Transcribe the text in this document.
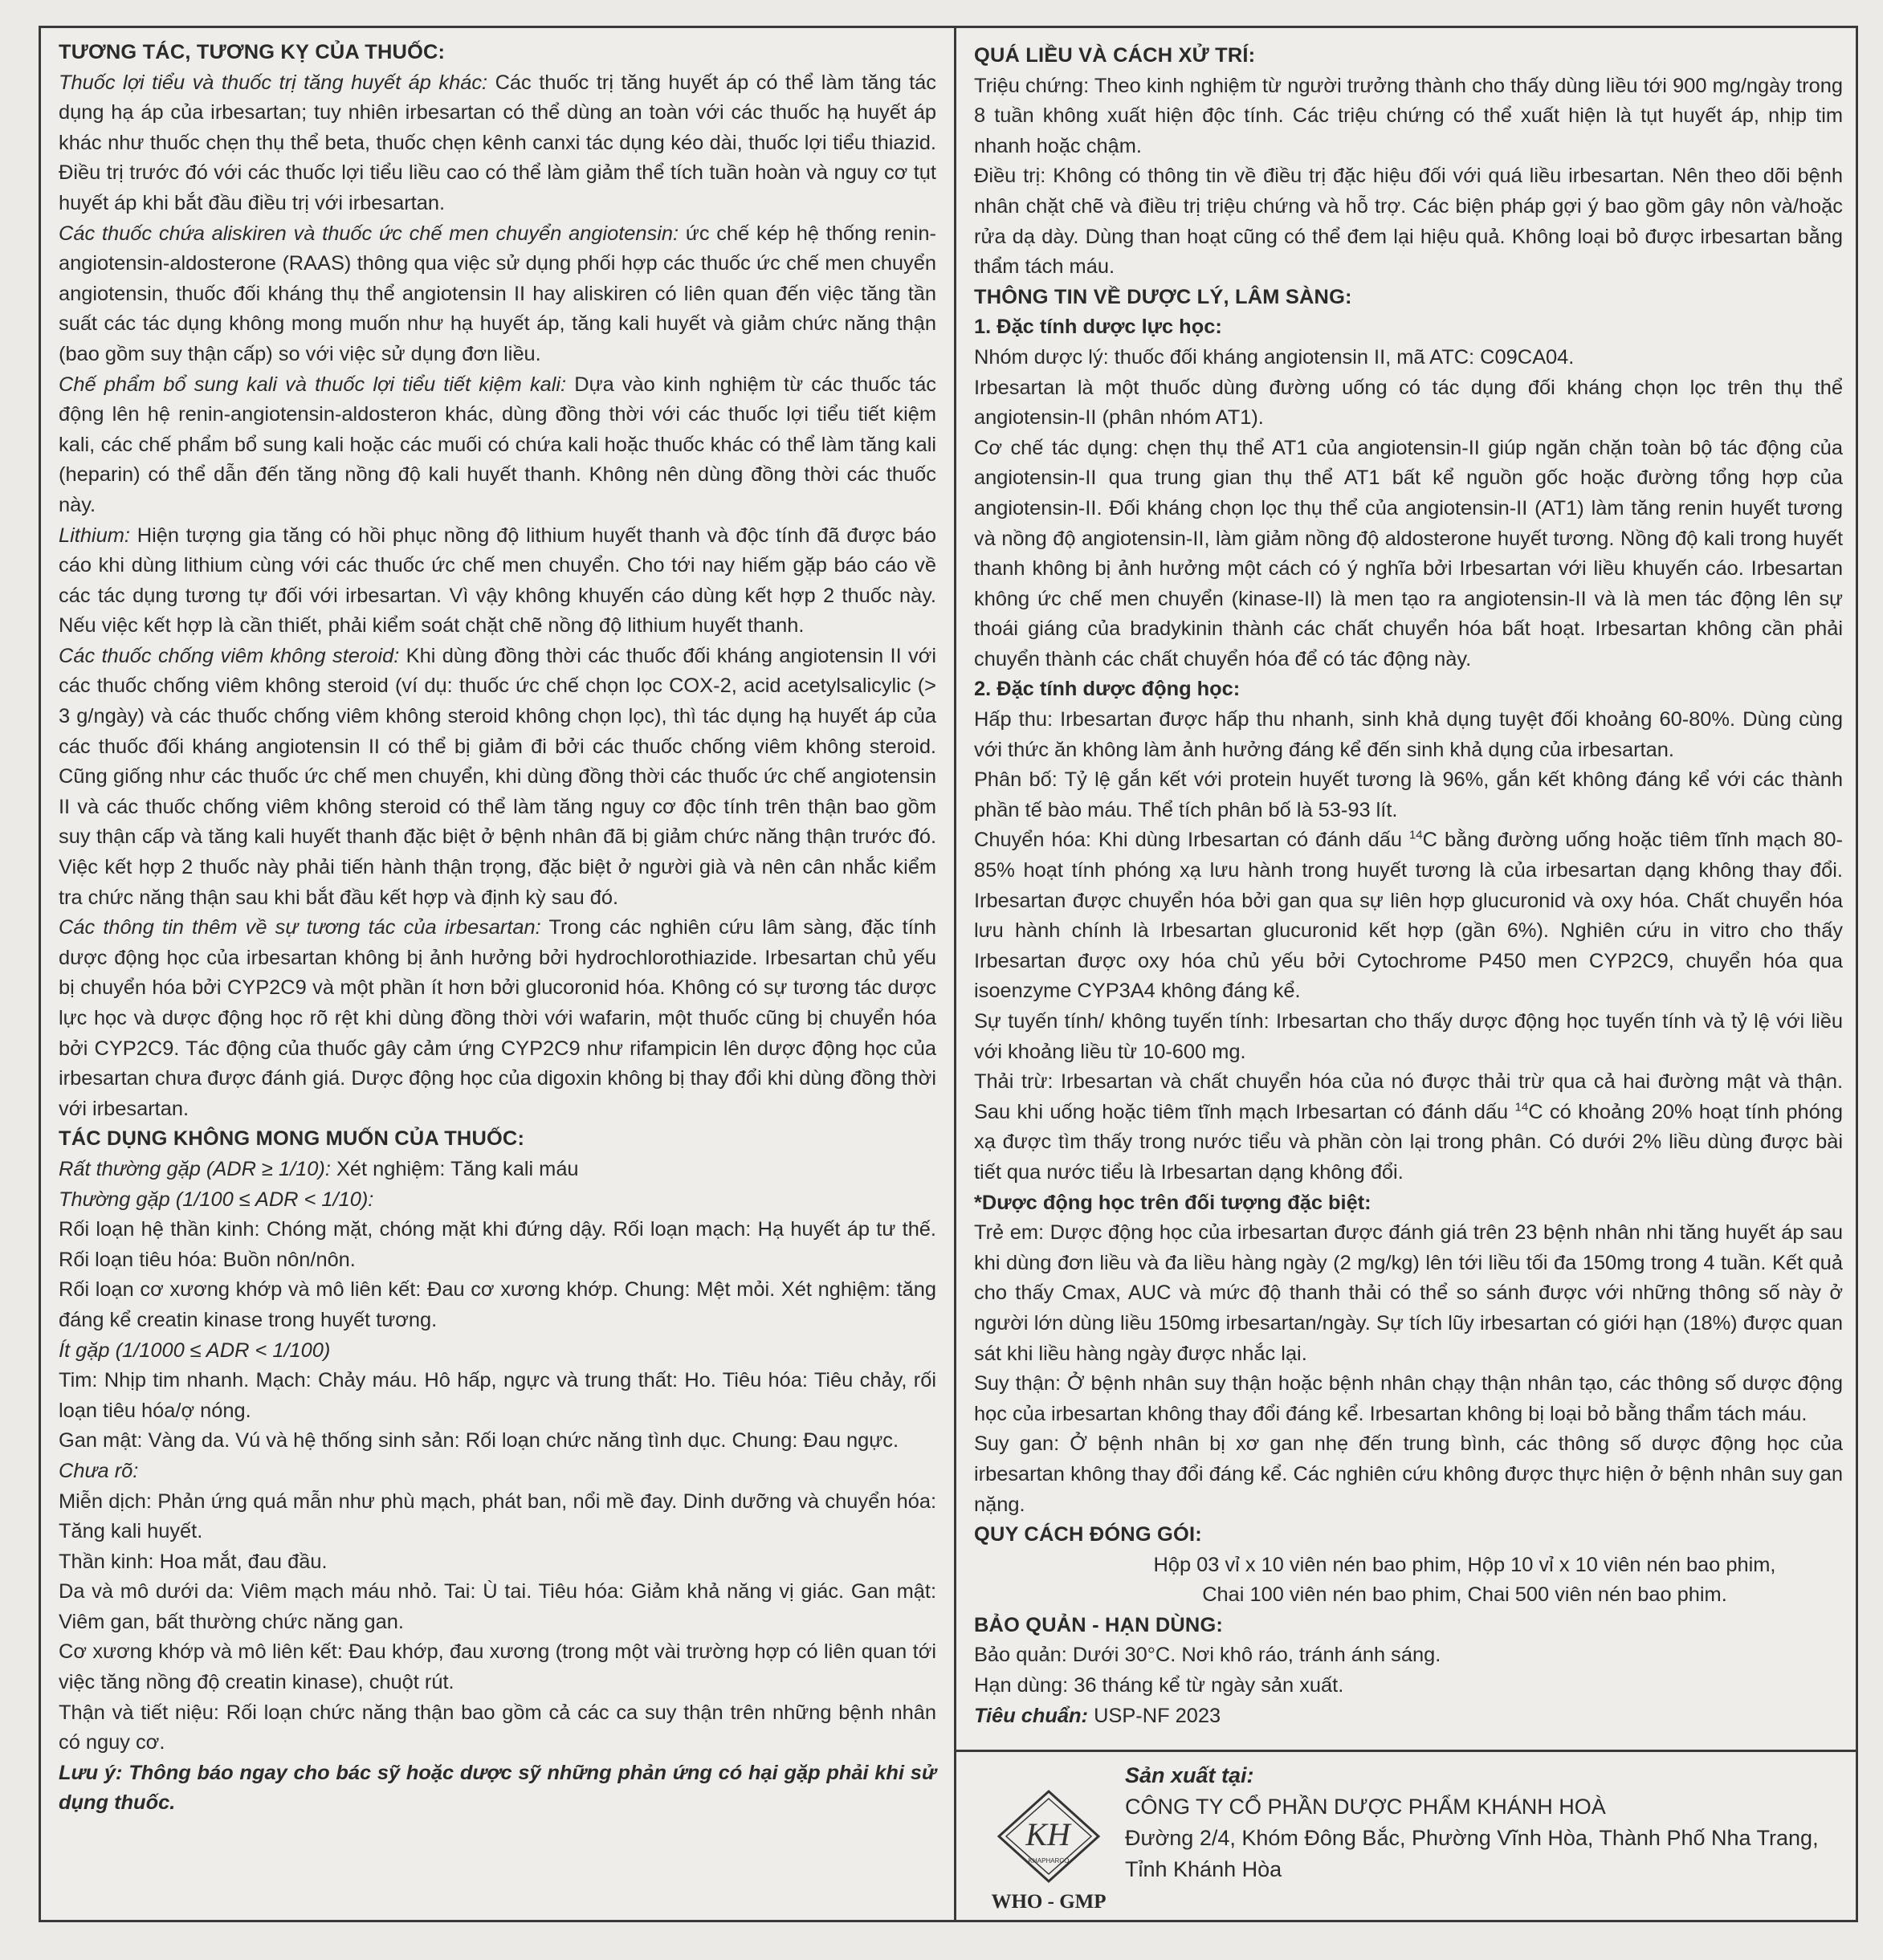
TƯƠNG TÁC, TƯƠNG KỴ CỦA THUỐC:

Thuốc lợi tiểu và thuốc trị tăng huyết áp khác: Các thuốc trị tăng huyết áp có thể làm tăng tác dụng hạ áp của irbesartan; tuy nhiên irbesartan có thể dùng an toàn với các thuốc hạ huyết áp khác như thuốc chẹn thụ thể beta, thuốc chẹn kênh canxi tác dụng kéo dài, thuốc lợi tiểu thiazid. Điều trị trước đó với các thuốc lợi tiểu liều cao có thể làm giảm thể tích tuần hoàn và nguy cơ tụt huyết áp khi bắt đầu điều trị với irbesartan.

Các thuốc chứa aliskiren và thuốc ức chế men chuyển angiotensin: ức chế kép hệ thống renin-angiotensin-aldosterone (RAAS) thông qua việc sử dụng phối hợp các thuốc ức chế men chuyển angiotensin, thuốc đối kháng thụ thể angiotensin II hay aliskiren có liên quan đến việc tăng tần suất các tác dụng không mong muốn như hạ huyết áp, tăng kali huyết và giảm chức năng thận (bao gồm suy thận cấp) so với việc sử dụng đơn liều.

Chế phẩm bổ sung kali và thuốc lợi tiểu tiết kiệm kali: Dựa vào kinh nghiệm từ các thuốc tác động lên hệ renin-angiotensin-aldosteron khác, dùng đồng thời với các thuốc lợi tiểu tiết kiệm kali, các chế phẩm bổ sung kali hoặc các muối có chứa kali hoặc thuốc khác có thể làm tăng kali (heparin) có thể dẫn đến tăng nồng độ kali huyết thanh. Không nên dùng đồng thời các thuốc này.

Lithium: Hiện tượng gia tăng có hồi phục nồng độ lithium huyết thanh và độc tính đã được báo cáo khi dùng lithium cùng với các thuốc ức chế men chuyển. Cho tới nay hiếm gặp báo cáo về các tác dụng tương tự đối với irbesartan. Vì vậy không khuyến cáo dùng kết hợp 2 thuốc này. Nếu việc kết hợp là cần thiết, phải kiểm soát chặt chẽ nồng độ lithium huyết thanh.

Các thuốc chống viêm không steroid: Khi dùng đồng thời các thuốc đối kháng angiotensin II với các thuốc chống viêm không steroid (ví dụ: thuốc ức chế chọn lọc COX-2, acid acetylsalicylic (> 3 g/ngày) và các thuốc chống viêm không steroid không chọn lọc), thì tác dụng hạ huyết áp của các thuốc đối kháng angiotensin II có thể bị giảm đi bởi các thuốc chống viêm không steroid. Cũng giống như các thuốc ức chế men chuyển, khi dùng đồng thời các thuốc ức chế angiotensin II và các thuốc chống viêm không steroid có thể làm tăng nguy cơ độc tính trên thận bao gồm suy thận cấp và tăng kali huyết thanh đặc biệt ở bệnh nhân đã bị giảm chức năng thận trước đó. Việc kết hợp 2 thuốc này phải tiến hành thận trọng, đặc biệt ở người già và nên cân nhắc kiểm tra chức năng thận sau khi bắt đầu kết hợp và định kỳ sau đó.

Các thông tin thêm về sự tương tác của irbesartan: Trong các nghiên cứu lâm sàng, đặc tính dược động học của irbesartan không bị ảnh hưởng bởi hydrochlorothiazide. Irbesartan chủ yếu bị chuyển hóa bởi CYP2C9 và một phần ít hơn bởi glucoronid hóa. Không có sự tương tác dược lực học và dược động học rõ rệt khi dùng đồng thời với wafarin, một thuốc cũng bị chuyển hóa bởi CYP2C9. Tác động của thuốc gây cảm ứng CYP2C9 như rifampicin lên dược động học của irbesartan chưa được đánh giá. Dược động học của digoxin không bị thay đổi khi dùng đồng thời với irbesartan.

TÁC DỤNG KHÔNG MONG MUỐN CỦA THUỐC:

Rất thường gặp (ADR ≥ 1/10): Xét nghiệm: Tăng kali máu

Thường gặp (1/100 ≤ ADR < 1/10):

Rối loạn hệ thần kinh: Chóng mặt, chóng mặt khi đứng dậy. Rối loạn mạch: Hạ huyết áp tư thế. Rối loạn tiêu hóa: Buồn nôn/nôn.

Rối loạn cơ xương khớp và mô liên kết: Đau cơ xương khớp. Chung: Mệt mỏi. Xét nghiệm: tăng đáng kể creatin kinase trong huyết tương.

Ít gặp (1/1000 ≤ ADR < 1/100)

Tim: Nhịp tim nhanh. Mạch: Chảy máu. Hô hấp, ngực và trung thất: Ho. Tiêu hóa: Tiêu chảy, rối loạn tiêu hóa/ợ nóng.

Gan mật: Vàng da. Vú và hệ thống sinh sản: Rối loạn chức năng tình dục. Chung: Đau ngực.

Chưa rõ:

Miễn dịch: Phản ứng quá mẫn như phù mạch, phát ban, nổi mề đay. Dinh dưỡng và chuyển hóa: Tăng kali huyết.

Thần kinh: Hoa mắt, đau đầu.

Da và mô dưới da: Viêm mạch máu nhỏ. Tai: Ù tai. Tiêu hóa: Giảm khả năng vị giác. Gan mật: Viêm gan, bất thường chức năng gan.

Cơ xương khớp và mô liên kết: Đau khớp, đau xương (trong một vài trường hợp có liên quan tới việc tăng nồng độ creatin kinase), chuột rút.

Thận và tiết niệu: Rối loạn chức năng thận bao gồm cả các ca suy thận trên những bệnh nhân có nguy cơ.

Lưu ý: Thông báo ngay cho bác sỹ hoặc dược sỹ những phản ứng có hại gặp phải khi sử dụng thuốc.

QUÁ LIỀU VÀ CÁCH XỬ TRÍ:

Triệu chứng: Theo kinh nghiệm từ người trưởng thành cho thấy dùng liều tới 900 mg/ngày trong 8 tuần không xuất hiện độc tính. Các triệu chứng có thể xuất hiện là tụt huyết áp, nhịp tim nhanh hoặc chậm.

Điều trị: Không có thông tin về điều trị đặc hiệu đối với quá liều irbesartan. Nên theo dõi bệnh nhân chặt chẽ và điều trị triệu chứng và hỗ trợ. Các biện pháp gợi ý bao gồm gây nôn và/hoặc rửa dạ dày. Dùng than hoạt cũng có thể đem lại hiệu quả. Không loại bỏ được irbesartan bằng thẩm tách máu.

THÔNG TIN VỀ DƯỢC LÝ, LÂM SÀNG:

1. Đặc tính dược lực học:

Nhóm dược lý: thuốc đối kháng angiotensin II, mã ATC: C09CA04.

Irbesartan là một thuốc dùng đường uống có tác dụng đối kháng chọn lọc trên thụ thể angiotensin-II (phân nhóm AT1).

Cơ chế tác dụng: chẹn thụ thể AT1 của angiotensin-II giúp ngăn chặn toàn bộ tác động của angiotensin-II qua trung gian thụ thể AT1 bất kể nguồn gốc hoặc đường tổng hợp của angiotensin-II. Đối kháng chọn lọc thụ thể của angiotensin-II (AT1) làm tăng renin huyết tương và nồng độ angiotensin-II, làm giảm nồng độ aldosterone huyết tương. Nồng độ kali trong huyết thanh không bị ảnh hưởng một cách có ý nghĩa bởi Irbesartan với liều khuyến cáo. Irbesartan không ức chế men chuyển (kinase-II) là men tạo ra angiotensin-II và là men tác động lên sự thoái giáng của bradykinin thành các chất chuyển hóa bất hoạt. Irbesartan không cần phải chuyển thành các chất chuyển hóa để có tác động này.

2. Đặc tính dược động học:

Hấp thu: Irbesartan được hấp thu nhanh, sinh khả dụng tuyệt đối khoảng 60-80%. Dùng cùng với thức ăn không làm ảnh hưởng đáng kể đến sinh khả dụng của irbesartan.

Phân bố: Tỷ lệ gắn kết với protein huyết tương là 96%, gắn kết không đáng kể với các thành phần tế bào máu. Thể tích phân bố là 53-93 lít.

Chuyển hóa: Khi dùng Irbesartan có đánh dấu $^{14}$C bằng đường uống hoặc tiêm tĩnh mạch 80-85% hoạt tính phóng xạ lưu hành trong huyết tương là của irbesartan dạng không thay đổi. Irbesartan được chuyển hóa bởi gan qua sự liên hợp glucuronid và oxy hóa. Chất chuyển hóa lưu hành chính là Irbesartan glucuronid kết hợp (gần 6%). Nghiên cứu in vitro cho thấy Irbesartan được oxy hóa chủ yếu bởi Cytochrome P450 men CYP2C9, chuyển hóa qua isoenzyme CYP3A4 không đáng kể.

Sự tuyến tính/ không tuyến tính: Irbesartan cho thấy dược động học tuyến tính và tỷ lệ với liều với khoảng liều từ 10-600 mg.

Thải trừ: Irbesartan và chất chuyển hóa của nó được thải trừ qua cả hai đường mật và thận. Sau khi uống hoặc tiêm tĩnh mạch Irbesartan có đánh dấu $^{14}$C có khoảng 20% hoạt tính phóng xạ được tìm thấy trong nước tiểu và phần còn lại trong phân. Có dưới 2% liều dùng được bài tiết qua nước tiểu là Irbesartan dạng không đổi.

*Dược động học trên đối tượng đặc biệt:

Trẻ em: Dược động học của irbesartan được đánh giá trên 23 bệnh nhân nhi tăng huyết áp sau khi dùng đơn liều và đa liều hàng ngày (2 mg/kg) lên tới liều tối đa 150mg trong 4 tuần. Kết quả cho thấy Cmax, AUC và mức độ thanh thải có thể so sánh được với những thông số này ở người lớn dùng liều 150mg irbesartan/ngày. Sự tích lũy irbesartan có giới hạn (18%) được quan sát khi liều hàng ngày được nhắc lại.

Suy thận: Ở bệnh nhân suy thận hoặc bệnh nhân chạy thận nhân tạo, các thông số dược động học của irbesartan không thay đổi đáng kể. Irbesartan không bị loại bỏ bằng thẩm tách máu.

Suy gan: Ở bệnh nhân bị xơ gan nhẹ đến trung bình, các thông số dược động học của irbesartan không thay đổi đáng kể. Các nghiên cứu không được thực hiện ở bệnh nhân suy gan nặng.

QUY CÁCH ĐÓNG GÓI:

Hộp 03 vỉ x 10 viên nén bao phim, Hộp 10 vỉ x 10 viên nén bao phim,

Chai 100 viên nén bao phim, Chai 500 viên nén bao phim.

BẢO QUẢN - HẠN DÙNG:

Bảo quản: Dưới 30°C. Nơi khô ráo, tránh ánh sáng.

Hạn dùng: 36 tháng kể từ ngày sản xuất.

Tiêu chuẩn: USP-NF 2023

KH
KHAPHARCO
WHO - GMP

Sản xuất tại:

CÔNG TY CỔ PHẦN DƯỢC PHẨM KHÁNH HOÀ

Đường 2/4, Khóm Đông Bắc, Phường Vĩnh Hòa, Thành Phố Nha Trang,

Tỉnh Khánh Hòa
